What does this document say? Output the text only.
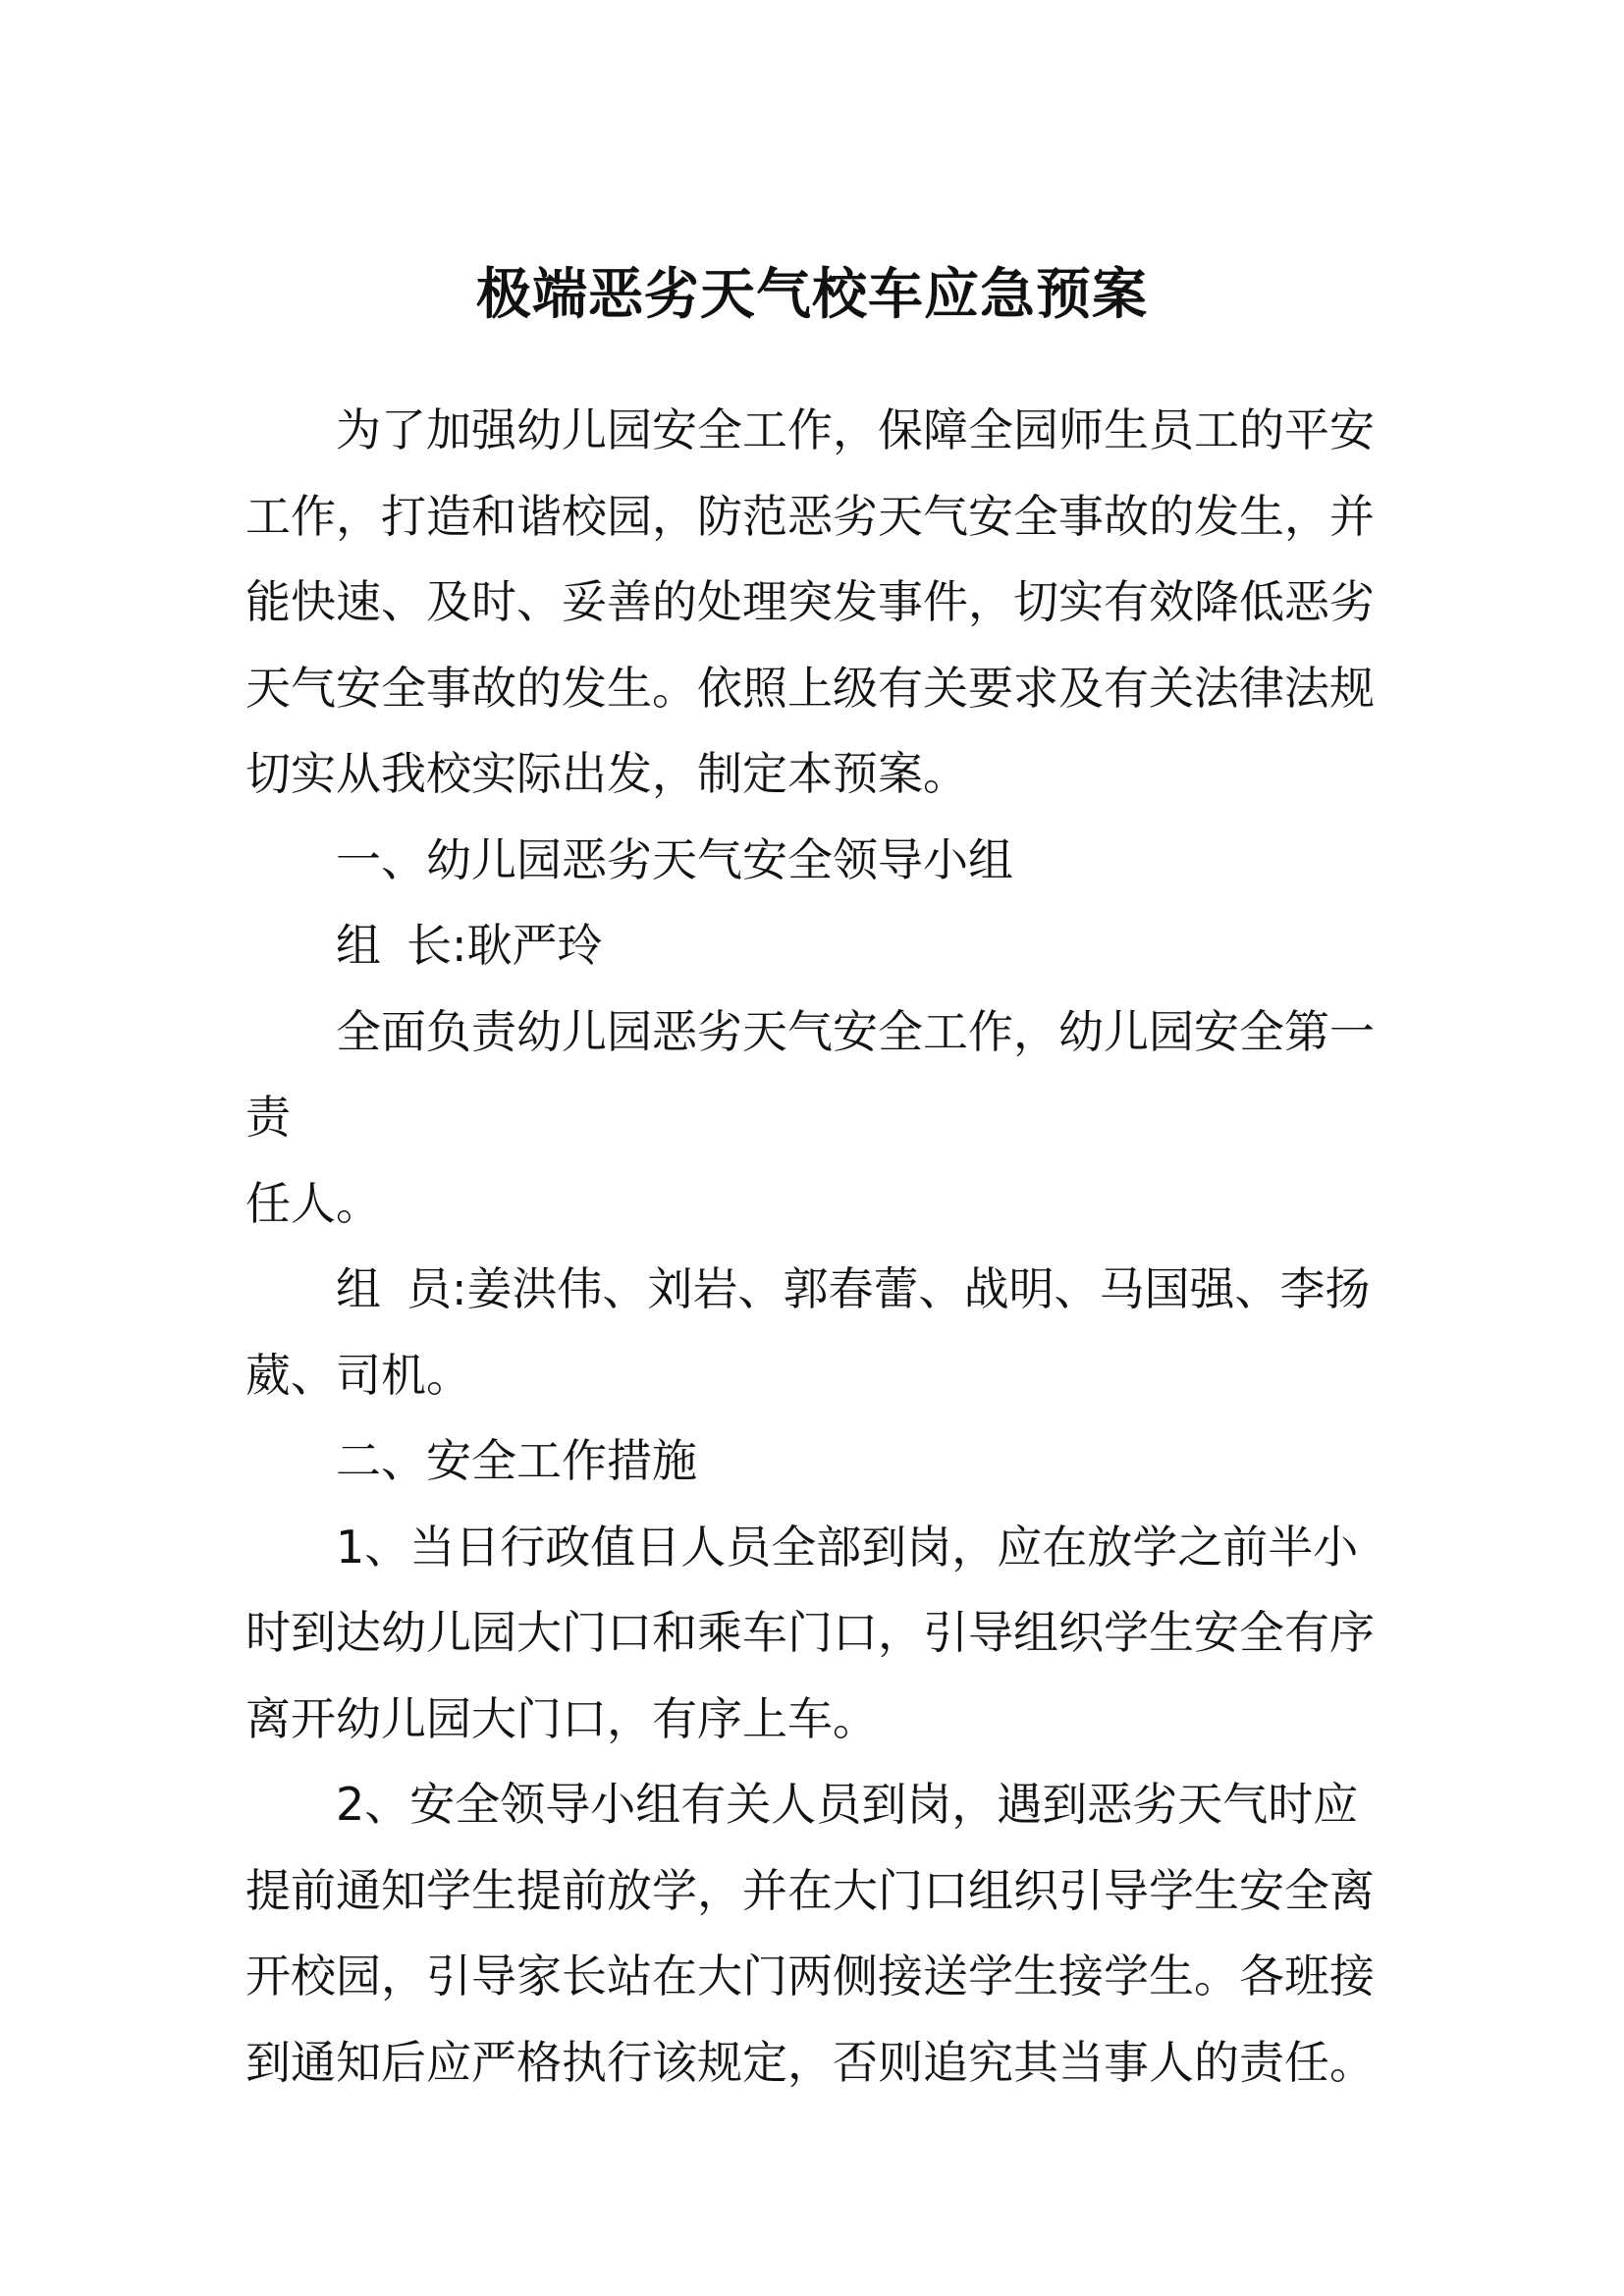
极端恶劣天气校车应急预案

为了加强幼儿园安全工作，保障全园师生员工的平安工作，打造和谐校园，防范恶劣天气安全事故的发生，并能快速、及时、妥善的处理突发事件，切实有效降低恶劣天气安全事故的发生。依照上级有关要求及有关法律法规切实从我校实际出发，制定本预案。

一、幼儿园恶劣天气安全领导小组

组 长:耿严玲

全面负责幼儿园恶劣天气安全工作，幼儿园安全第一责

任人。

组 员:姜洪伟、刘岩、郭春蕾、战明、马国强、李扬葳、司机。

二、安全工作措施

1、当日行政值日人员全部到岗，应在放学之前半小时到达幼儿园大门口和乘车门口，引导组织学生安全有序离开幼儿园大门口，有序上车。

2、安全领导小组有关人员到岗，遇到恶劣天气时应提前通知学生提前放学，并在大门口组织引导学生安全离开校园，引导家长站在大门两侧接送学生接学生。各班接到通知后应严格执行该规定，否则追究其当事人的责任。
